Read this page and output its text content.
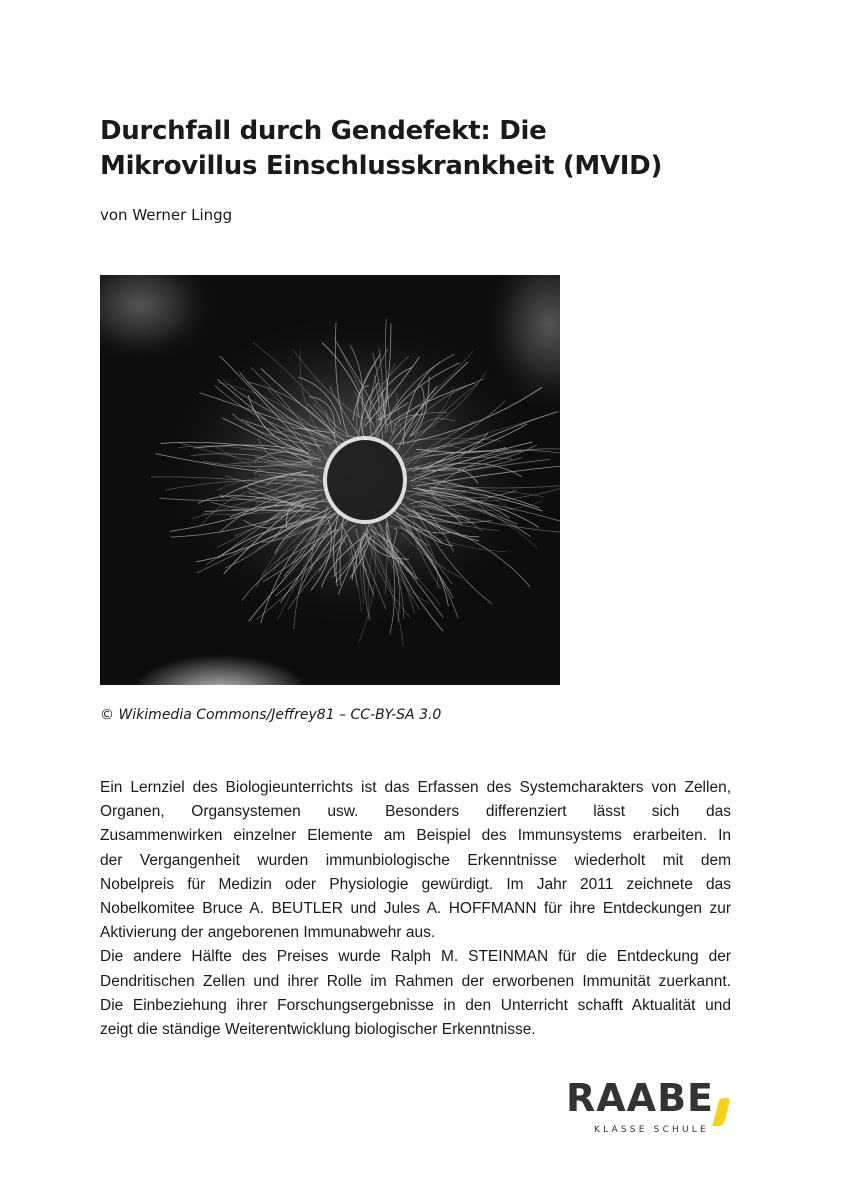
Durchfall durch Gendefekt: Die
Mikrovillus Einschlusskrankheit (MVID)
von Werner Lingg
© Wikimedia Commons/Jeffrey81 – CC-BY-SA 3.0
Ein Lernziel des Biologieunterrichts ist das Erfassen des Systemcharakters von Zellen,
Organen, Organsystemen usw. Besonders differenziert lässt sich das
Zusammenwirken einzelner Elemente am Beispiel des Immunsystems erarbeiten. In
der Vergangenheit wurden immunbiologische Erkenntnisse wiederholt mit dem
Nobelpreis für Medizin oder Physiologie gewürdigt. Im Jahr 2011 zeichnete das
Nobelkomitee Bruce A. BEUTLER und Jules A. HOFFMANN für ihre Entdeckungen zur
Aktivierung der angeborenen Immunabwehr aus.
Die andere Hälfte des Preises wurde Ralph M. STEINMAN für die Entdeckung der
Dendritischen Zellen und ihrer Rolle im Rahmen der erworbenen Immunität zuerkannt.
Die Einbeziehung ihrer Forschungsergebnisse in den Unterricht schafft Aktualität und
zeigt die ständige Weiterentwicklung biologischer Erkenntnisse.
RAABE
KLASSE SCHULE
